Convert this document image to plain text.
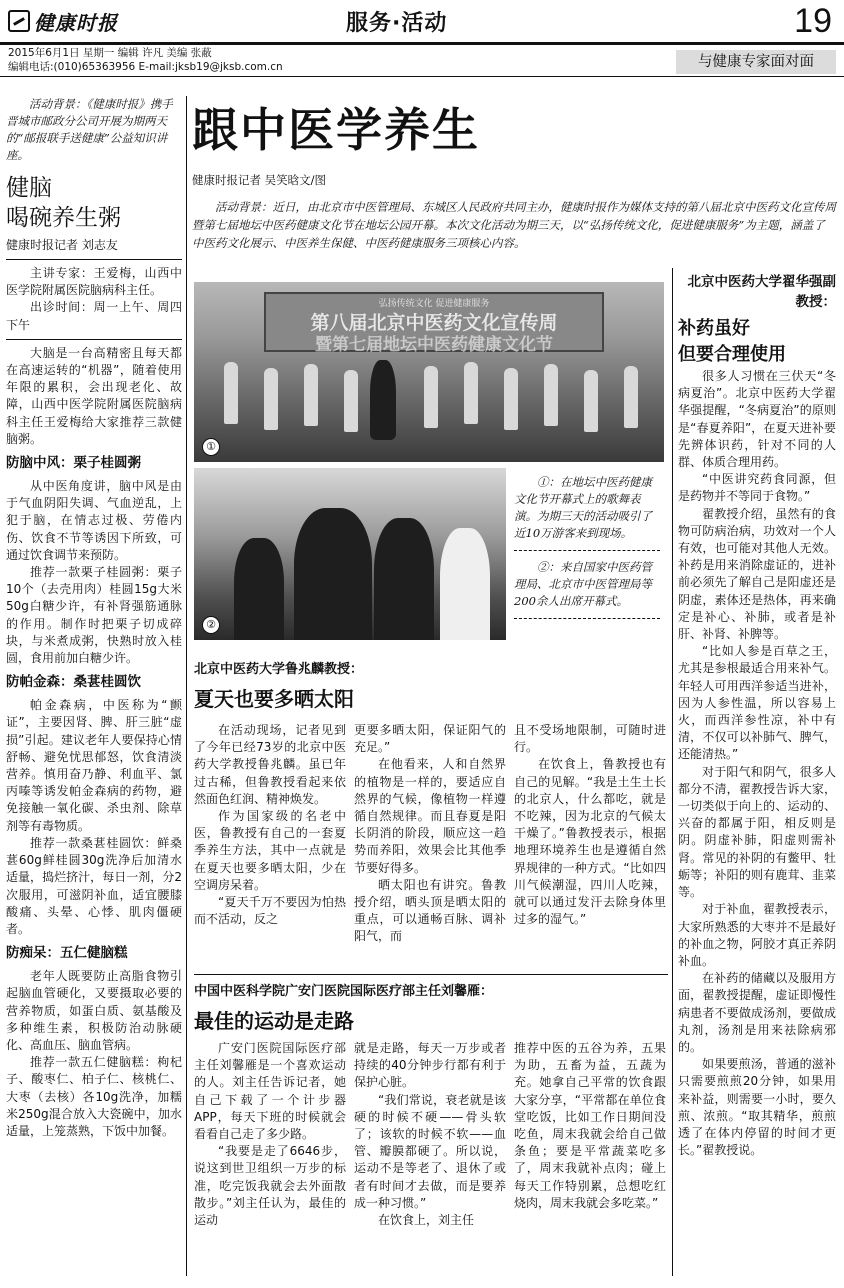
健康时报	服务·活动	19
2015年6月1日 星期一 编辑 许凡 美编 张蔽
编辑电话:(010)65363956 E-mail:jksb19@jksb.com.cn	与健康专家面对面

活动背景：《健康时报》携手晋城市邮政分公司开展为期两天的“邮报联手送健康”公益知识讲座。

健脑
喝碗养生粥
健康时报记者 刘志友

主讲专家：王爱梅，山西中医学院附属医院脑病科主任。

出诊时间：周一上午、周四下午

大脑是一台高精密且每天都在高速运转的“机器”，随着使用年限的累积，会出现老化、故障，山西中医学院附属医院脑病科主任王爱梅给大家推荐三款健脑粥。

防脑中风：栗子桂圆粥

从中医角度讲，脑中风是由于气血阴阳失调、气血逆乱，上犯于脑，在情志过极、劳倦内伤、饮食不节等诱因下所致，可通过饮食调节来预防。

推荐一款栗子桂圆粥：栗子10个（去壳用肉）桂圆15g大米50g白糖少许，有补肾强筋通脉的作用。制作时把栗子切成碎块，与米煮成粥，快熟时放入桂圆，食用前加白糖少许。

防帕金森：桑葚桂圆饮

帕金森病，中医称为“颤证”，主要因肾、脾、肝三脏“虚损”引起。建议老年人要保持心情舒畅、避免忧思郁怒，饮食清淡营养。慎用奋乃静、利血平、氯丙嗪等诱发帕金森病的药物，避免接触一氧化碳、杀虫剂、除草剂等有毒物质。

推荐一款桑葚桂圆饮：鲜桑葚60g鲜桂圆30g洗净后加清水适量，捣烂挤汁，每日一剂，分2次服用，可滋阴补血，适宜腰膝酸痛、头晕、心悸、肌肉僵硬者。

防痴呆：五仁健脑糕

老年人既要防止高脂食物引起脑血管硬化，又要摄取必要的营养物质，如蛋白质、氨基酸及多种维生素，积极防治动脉硬化、高血压、脑血管病。

推荐一款五仁健脑糕：枸杞子、酸枣仁、柏子仁、核桃仁、大枣（去核）各10g洗净，加糯米250g混合放入大瓷碗中，加水适量，上笼蒸熟，下饭中加餐。

跟中医学养生
健康时报记者 吴笑晗文/图

活动背景：近日，由北京市中医管理局、东城区人民政府共同主办，健康时报作为媒体支持的第八届北京中医药文化宣传周暨第七届地坛中医药健康文化节在地坛公园开幕。本次文化活动为期三天，以“弘扬传统文化，促进健康服务”为主题，涵盖了中医药文化展示、中医养生保健、中医药健康服务三项核心内容。

弘扬传统文化 促进健康服务
第八届北京中医药文化宣传周
暨第七届地坛中医药健康文化节
①
②

①：在地坛中医药健康文化节开幕式上的歌舞表演。为期三天的活动吸引了近10万游客来到现场。

②：来自国家中医药管理局、北京市中医管理局等200余人出席开幕式。

北京中医药大学翟华强副教授：
补药虽好
但要合理使用

很多人习惯在三伏天“冬病夏治”。北京中医药大学翟华强提醒，“冬病夏治”的原则是“春夏养阳”，在夏天进补要先辨体识药，针对不同的人群、体质合理用药。

“中医讲究药食同源，但是药物并不等同于食物。”

翟教授介绍，虽然有的食物可防病治病，功效对一个人有效，也可能对其他人无效。补药是用来消除虚证的，进补前必须先了解自己是阳虚还是阴虚，素体还是热体，再来确定是补心、补肺，或者是补肝、补肾、补脾等。

“比如人参是百草之王，尤其是参根最适合用来补气。年轻人可用西洋参适当进补，因为人参性温，所以容易上火，而西洋参性凉，补中有清，不仅可以补肺气、脾气，还能清热。”

对于阳气和阴气，很多人都分不清，翟教授告诉大家，一切类似于向上的、运动的、兴奋的都属于阳，相反则是阴。阴虚补肺，阳虚则需补肾。常见的补阴的有鳖甲、牡蛎等；补阳的则有鹿茸、韭菜等。

对于补血，翟教授表示，大家所熟悉的大枣并不是最好的补血之物，阿胶才真正养阴补血。

在补药的储藏以及服用方面，翟教授提醒，虚证即慢性病患者不要做成汤剂，要做成丸剂，汤剂是用来祛除病邪的。

如果要煎汤，普通的滋补只需要煎煎20分钟，如果用来补益，则需要一小时，要久煎、浓煎。“取其精华，煎煎透了在体内停留的时间才更长。”翟教授说。

北京中医药大学鲁兆麟教授：
夏天也要多晒太阳

在活动现场，记者见到了今年已经73岁的北京中医药大学教授鲁兆麟。虽已年过古稀，但鲁教授看起来依然面色红润、精神焕发。

作为国家级的名老中医，鲁教授有自己的一套夏季养生方法，其中一点就是在夏天也要多晒太阳，少在空调房呆着。

“夏天千万不要因为怕热而不活动，反之

更要多晒太阳，保证阳气的充足。”

在他看来，人和自然界的植物是一样的，要适应自然界的气候，像植物一样遵循自然规律。而且春夏是阳长阴消的阶段，顺应这一趋势而养阳，效果会比其他季节要好得多。

晒太阳也有讲究。鲁教授介绍，晒头顶是晒太阳的重点，可以通畅百脉、调补阳气，而

且不受场地限制，可随时进行。

在饮食上，鲁教授也有自己的见解。“我是土生土长的北京人，什么都吃，就是不吃辣，因为北京的气候太干燥了。”鲁教授表示，根据地理环境养生也是遵循自然界规律的一种方式。“比如四川气候潮湿，四川人吃辣，就可以通过发汗去除身体里过多的湿气。”

中国中医科学院广安门医院国际医疗部主任刘馨雁：
最佳的运动是走路

广安门医院国际医疗部主任刘馨雁是一个喜欢运动的人。刘主任告诉记者，她自己下载了一个计步器APP，每天下班的时候就会看看自己走了多少路。

“我要是走了6646步，说这到世卫组织一万步的标准，吃完饭我就会去外面散散步。”刘主任认为，最佳的运动

就是走路，每天一万步或者持续的40分钟步行都有利于保护心脏。

“我们常说，衰老就是该硬的时候不硬——骨头软了；该软的时候不软——血管、瓣膜都硬了。所以说，运动不是等老了、退休了或者有时间才去做，而是要养成一种习惯。”

在饮食上，刘主任

推荐中医的五谷为养，五果为助，五畜为益，五蔬为充。她拿自己平常的饮食跟大家分享，“平常都在单位食堂吃饭，比如工作日期间没吃鱼，周末我就会给自己做条鱼；要是平常蔬菜吃多了，周末我就补点肉；碰上每天工作特别累，总想吃红烧肉，周末我就会多吃菜。”
